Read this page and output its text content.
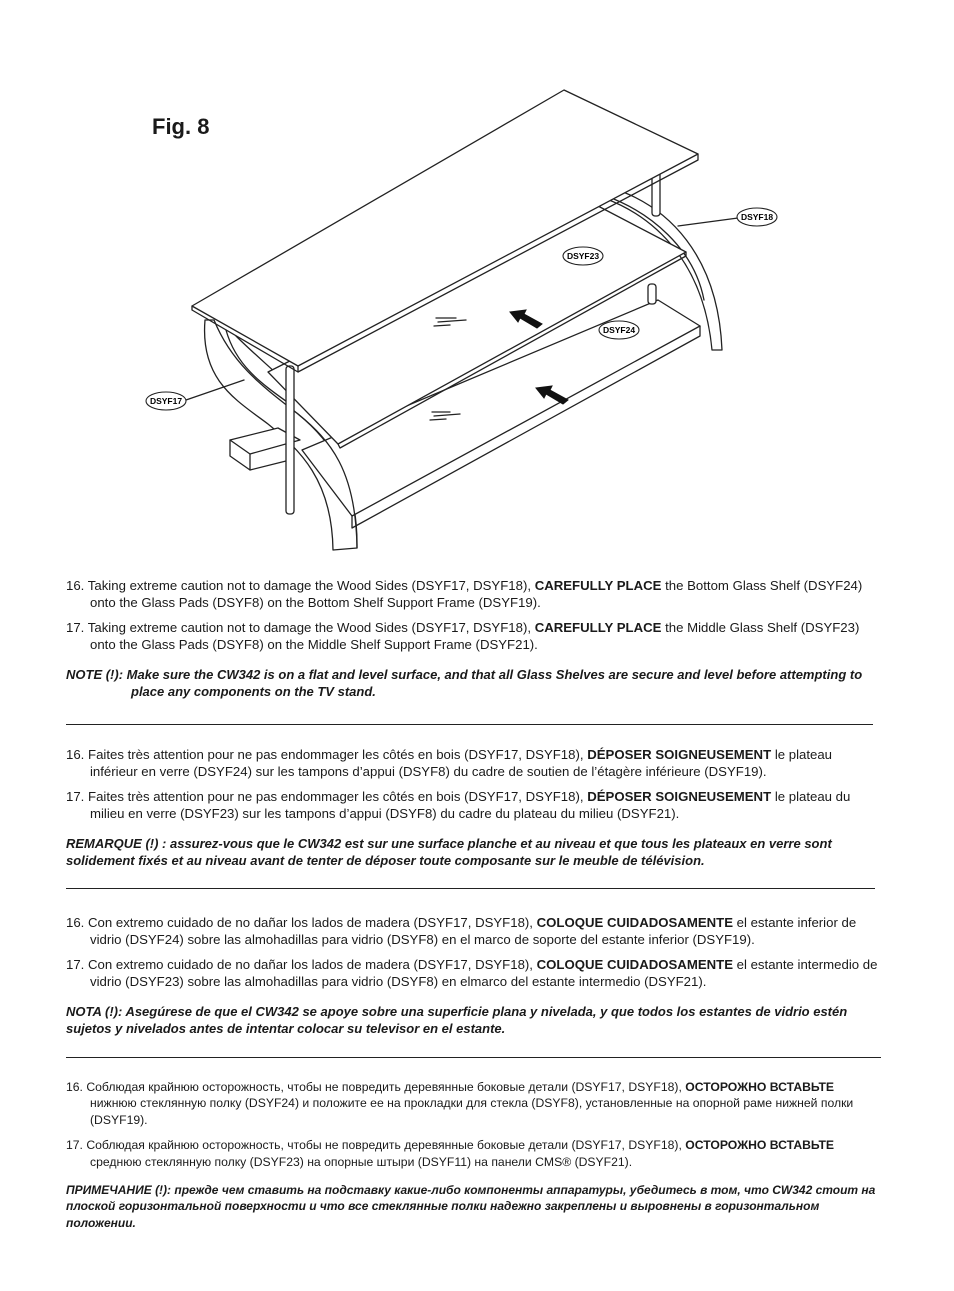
Fig. 8
DSYF17
DSYF18
DSYF23
DSYF24

16. Taking extreme caution not to damage the Wood Sides (DSYF17, DSYF18), CAREFULLY PLACE the Bottom Glass Shelf (DSYF24) onto the Glass Pads (DSYF8) on the Bottom Shelf Support Frame (DSYF19).

17. Taking extreme caution not to damage the Wood Sides (DSYF17, DSYF18), CAREFULLY PLACE the Middle Glass Shelf (DSYF23) onto the Glass Pads (DSYF8) on the Middle Shelf Support Frame (DSYF21).

NOTE (!): Make sure the CW342 is on a flat and level surface, and that all Glass Shelves are secure and level before attempting to place any components on the TV stand.

16. Faites très attention pour ne pas endommager les côtés en bois (DSYF17, DSYF18), DÉPOSER SOIGNEUSEMENT le plateau inférieur en verre (DSYF24) sur les tampons d’appui (DSYF8) du cadre de soutien de l’étagère inférieure (DSYF19).

17. Faites très attention pour ne pas endommager les côtés en bois (DSYF17, DSYF18), DÉPOSER SOIGNEUSEMENT le plateau du milieu en verre (DSYF23) sur les tampons d’appui (DSYF8) du cadre du plateau du milieu (DSYF21).

REMARQUE (!) : assurez-vous que le CW342 est sur une surface planche et au niveau et que tous les plateaux en verre sont solidement fixés et au niveau avant de tenter de déposer toute composante sur le meuble de télévision.

16. Con extremo cuidado de no dañar los lados de madera (DSYF17, DSYF18), COLOQUE CUIDADOSAMENTE el estante inferior de vidrio (DSYF24) sobre las almohadillas para vidrio (DSYF8) en el marco de soporte del estante inferior (DSYF19).

17. Con extremo cuidado de no dañar los lados de madera (DSYF17, DSYF18), COLOQUE CUIDADOSAMENTE el estante intermedio de vidrio (DSYF23) sobre las almohadillas para vidrio (DSYF8) en elmarco del estante intermedio (DSYF21).

NOTA (!): Asegúrese de que el CW342 se apoye sobre una superficie plana y nivelada, y que todos los estantes de vidrio estén sujetos y nivelados antes de intentar colocar su televisor en el estante.

16. Соблюдая крайнюю осторожность, чтобы не повредить деревянные боковые детали (DSYF17, DSYF18), ОСТОРОЖНО ВСТАВЬТЕ нижнюю стеклянную полку (DSYF24) и положите ее на прокладки для стекла (DSYF8), установленные на опорной раме нижней полки (DSYF19).

17. Соблюдая крайнюю осторожность, чтобы не повредить деревянные боковые детали (DSYF17, DSYF18), ОСТОРОЖНО ВСТАВЬТЕ среднюю стеклянную полку (DSYF23) на опорные штыри (DSYF11) на панели CMS® (DSYF21).

ПРИМЕЧАНИЕ (!): прежде чем ставить на подставку какие-либо компоненты аппаратуры, убедитесь в том, что CW342 стоит на плоской горизонтальной поверхности и что все стеклянные полки надежно закреплены и выровнены в горизонтальном положении.
